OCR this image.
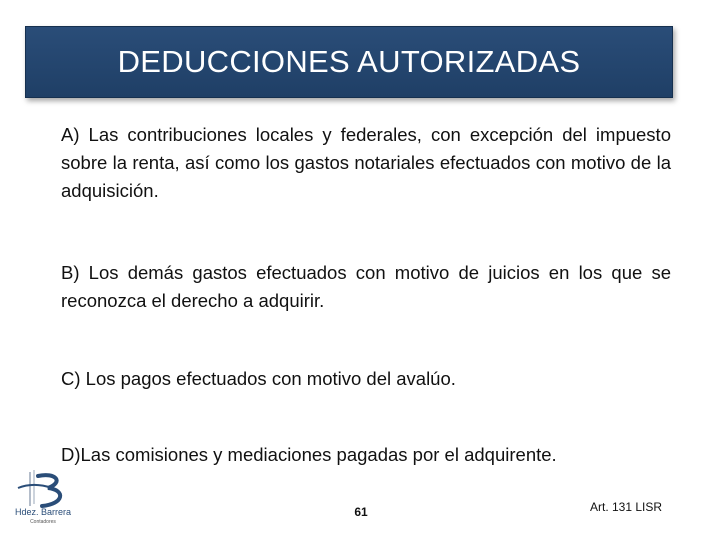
DEDUCCIONES AUTORIZADAS

A) Las contribuciones locales y federales, con excepción del impuesto sobre la renta, así como los gastos notariales efectuados con motivo de la adquisición.

B) Los demás gastos efectuados con motivo de juicios en los que se reconozca el derecho a adquirir.

C) Los pagos efectuados con motivo del avalúo.

D)Las comisiones y mediaciones pagadas por el adquirente.

Hdez. Barrera
Contadores
61	Art. 131 LISR
